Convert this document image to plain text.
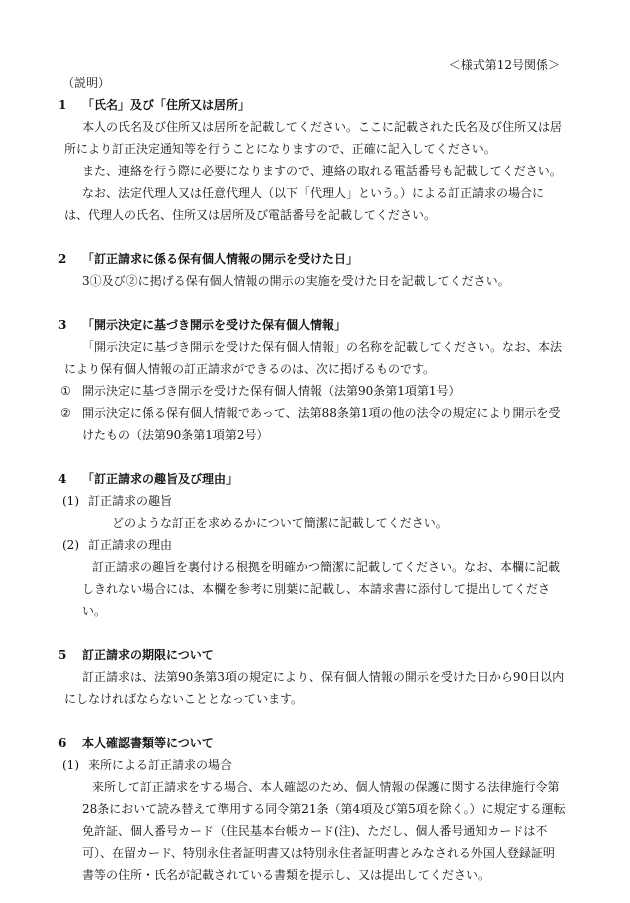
＜様式第12号関係＞

（説明）

1 「氏名」及び「住所又は居所」

本人の氏名及び住所又は居所を記載してください。ここに記載された氏名及び住所又は居所により訂正決定通知等を行うことになりますので、正確に記入してください。

また、連絡を行う際に必要になりますので、連絡の取れる電話番号も記載してください。

なお、法定代理人又は任意代理人（以下「代理人」という。）による訂正請求の場合には、代理人の氏名、住所又は居所及び電話番号を記載してください。

2 「訂正請求に係る保有個人情報の開示を受けた日」

3①及び②に掲げる保有個人情報の開示の実施を受けた日を記載してください。

3 「開示決定に基づき開示を受けた保有個人情報」

「開示決定に基づき開示を受けた保有個人情報」の名称を記載してください。なお、本法により保有個人情報の訂正請求ができるのは、次に掲げるものです。

① 開示決定に基づき開示を受けた保有個人情報（法第90条第1項第1号）

② 開示決定に係る保有個人情報であって、法第88条第1項の他の法令の規定により開示を受けたもの（法第90条第1項第2号）

4 「訂正請求の趣旨及び理由」

(1) 訂正請求の趣旨

どのような訂正を求めるかについて簡潔に記載してください。

(2) 訂正請求の理由

訂正請求の趣旨を裏付ける根拠を明確かつ簡潔に記載してください。なお、本欄に記載しきれない場合には、本欄を参考に別葉に記載し、本請求書に添付して提出してください。

5 訂正請求の期限について

訂正請求は、法第90条第3項の規定により、保有個人情報の開示を受けた日から90日以内にしなければならないこととなっています。

6 本人確認書類等について

(1) 来所による訂正請求の場合

来所して訂正請求をする場合、本人確認のため、個人情報の保護に関する法律施行令第28条において読み替えて準用する同令第21条（第4項及び第5項を除く。）に規定する運転免許証、個人番号カード（住民基本台帳カード(注)、ただし、個人番号通知カードは不可）、在留カード、特別永住者証明書又は特別永住者証明書とみなされる外国人登録証明書等の住所・氏名が記載されている書類を提示し、又は提出してください。
